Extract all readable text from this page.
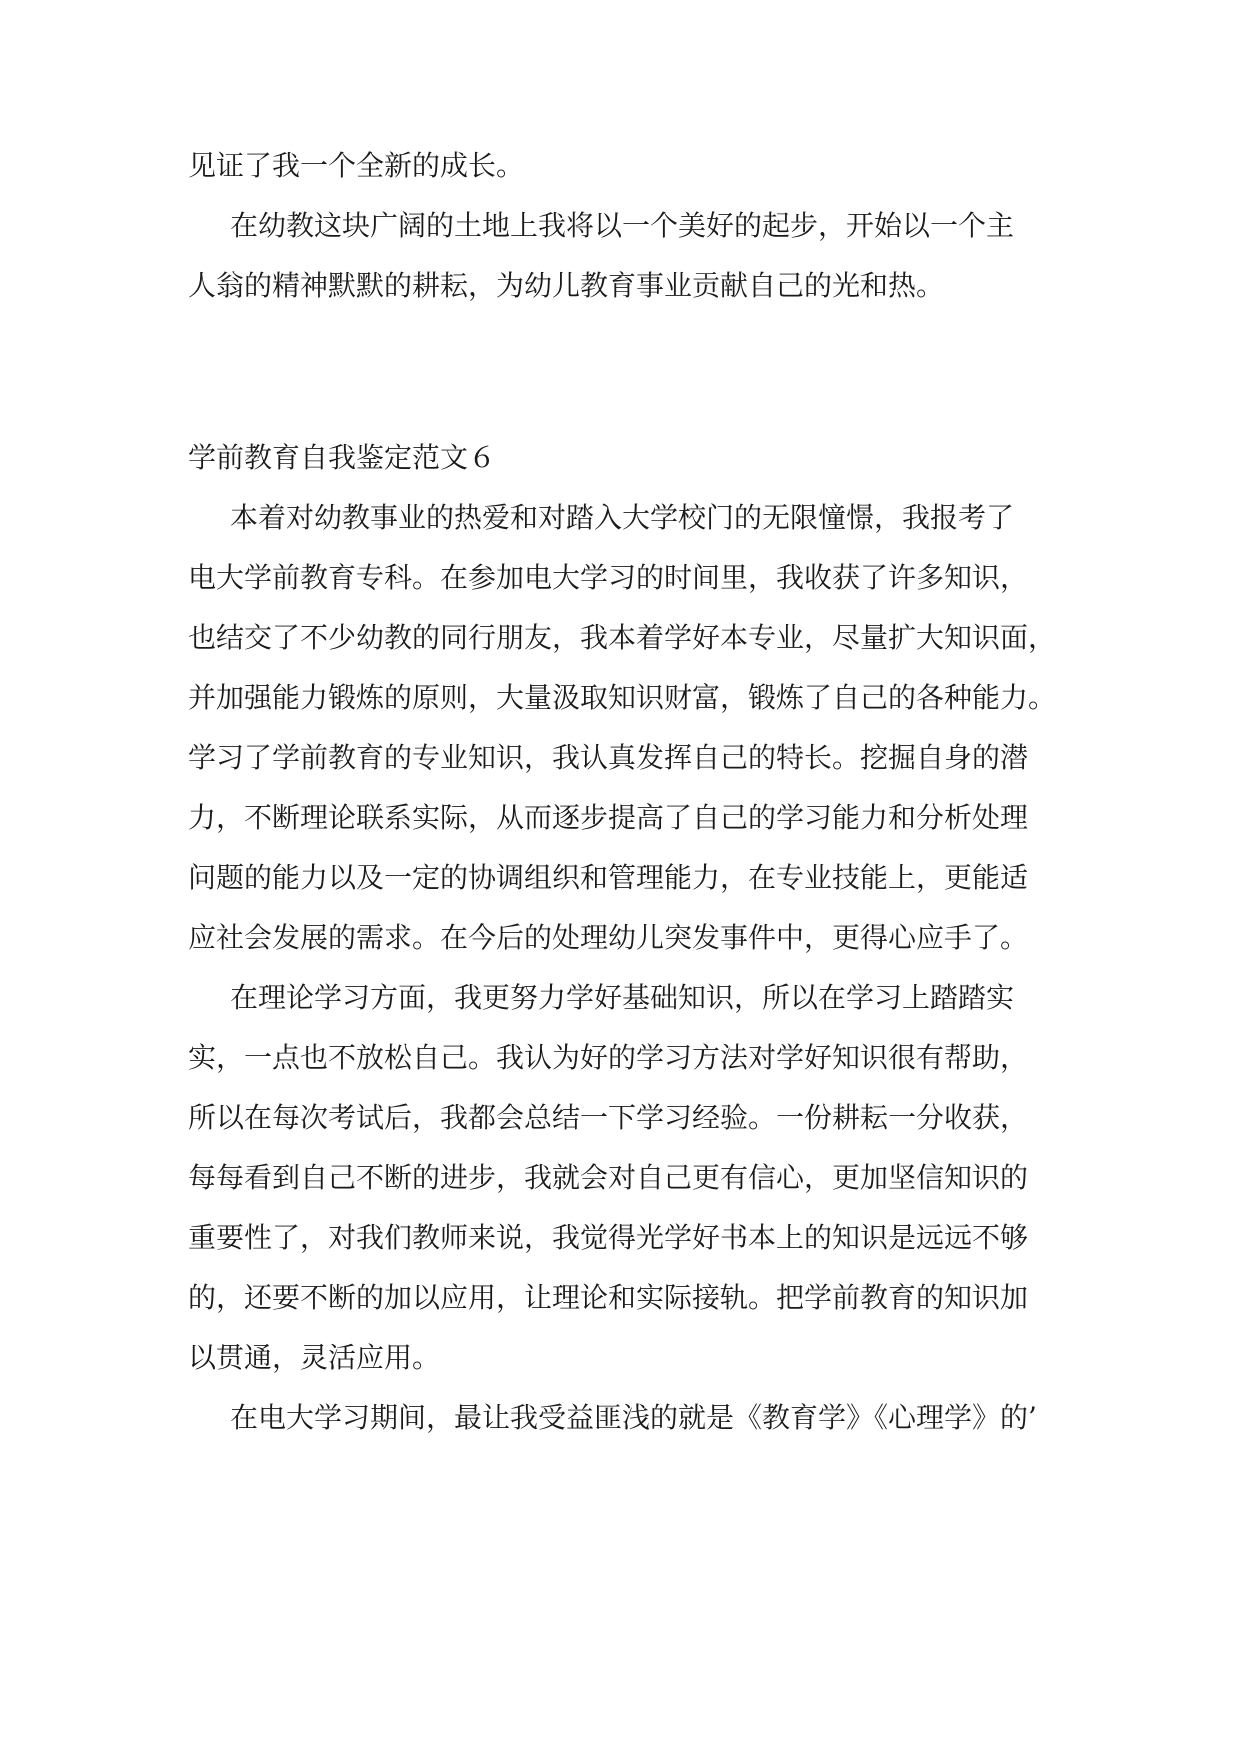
见证了我一个全新的成长。
在幼教这块广阔的土地上我将以一个美好的起步，开始以一个主
人翁的精神默默的耕耘，为幼儿教育事业贡献自己的光和热。
学前教育自我鉴定范文６
本着对幼教事业的热爱和对踏入大学校门的无限憧憬，我报考了
电大学前教育专科。在参加电大学习的时间里，我收获了许多知识，
也结交了不少幼教的同行朋友，我本着学好本专业，尽量扩大知识面，
并加强能力锻炼的原则，大量汲取知识财富，锻炼了自己的各种能力。
学习了学前教育的专业知识，我认真发挥自己的特长。挖掘自身的潜
力，不断理论联系实际，从而逐步提高了自己的学习能力和分析处理
问题的能力以及一定的协调组织和管理能力，在专业技能上，更能适
应社会发展的需求。在今后的处理幼儿突发事件中，更得心应手了。
在理论学习方面，我更努力学好基础知识，所以在学习上踏踏实
实，一点也不放松自己。我认为好的学习方法对学好知识很有帮助，
所以在每次考试后，我都会总结一下学习经验。一份耕耘一分收获，
每每看到自己不断的进步，我就会对自己更有信心，更加坚信知识的
重要性了，对我们教师来说，我觉得光学好书本上的知识是远远不够
的，还要不断的加以应用，让理论和实际接轨。把学前教育的知识加
以贯通，灵活应用。
在电大学习期间，最让我受益匪浅的就是《教育学》《心理学》的’
